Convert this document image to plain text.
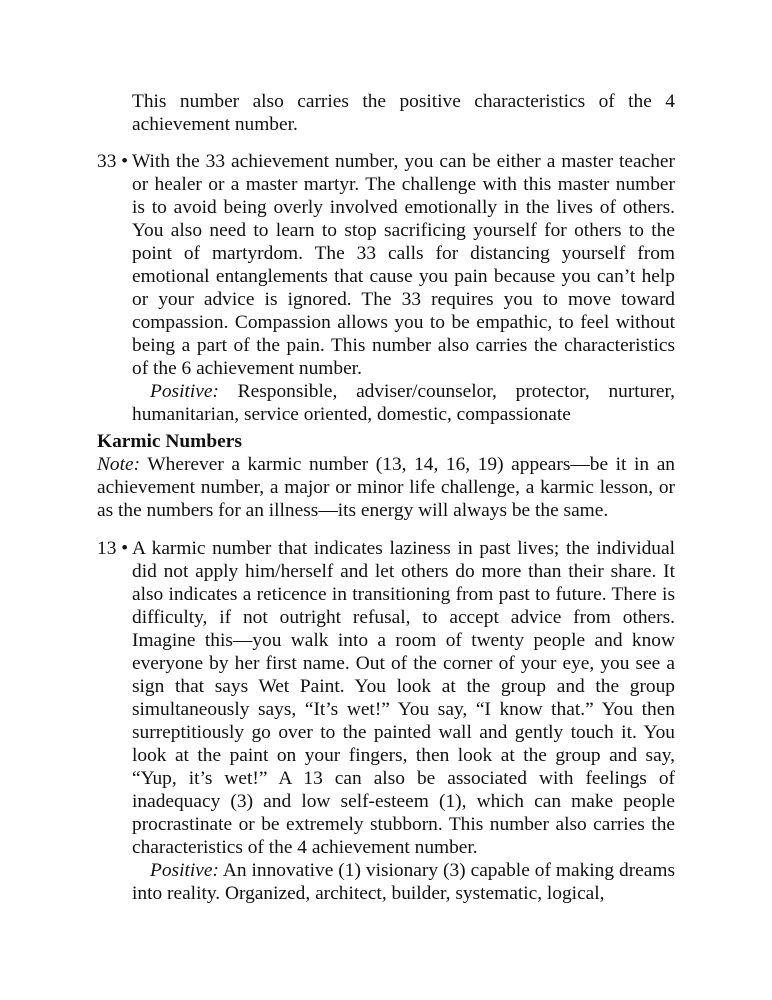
This number also carries the positive characteristics of the 4 achievement number.
33 • With the 33 achievement number, you can be either a master teacher or healer or a master martyr. The challenge with this master number is to avoid being overly involved emotionally in the lives of others. You also need to learn to stop sacrificing yourself for others to the point of martyrdom. The 33 calls for distancing yourself from emotional entanglements that cause you pain because you can’t help or your advice is ignored. The 33 requires you to move toward compassion. Compassion allows you to be empathic, to feel without being a part of the pain. This number also carries the characteristics of the 6 achievement number.
Positive: Responsible, adviser/counselor, protector, nurturer, humanitarian, service oriented, domestic, compassionate
Karmic Numbers
Note: Wherever a karmic number (13, 14, 16, 19) appears—be it in an achievement number, a major or minor life challenge, a karmic lesson, or as the numbers for an illness—its energy will always be the same.
13 • A karmic number that indicates laziness in past lives; the individual did not apply him/herself and let others do more than their share. It also indicates a reticence in transitioning from past to future. There is difficulty, if not outright refusal, to accept advice from others. Imagine this—you walk into a room of twenty people and know everyone by her first name. Out of the corner of your eye, you see a sign that says Wet Paint. You look at the group and the group simultaneously says, “It’s wet!” You say, “I know that.” You then surreptitiously go over to the painted wall and gently touch it. You look at the paint on your fingers, then look at the group and say, “Yup, it’s wet!” A 13 can also be associated with feelings of inadequacy (3) and low self-esteem (1), which can make people procrastinate or be extremely stubborn. This number also carries the characteristics of the 4 achievement number.
Positive: An innovative (1) visionary (3) capable of making dreams into reality. Organized, architect, builder, systematic, logical,
